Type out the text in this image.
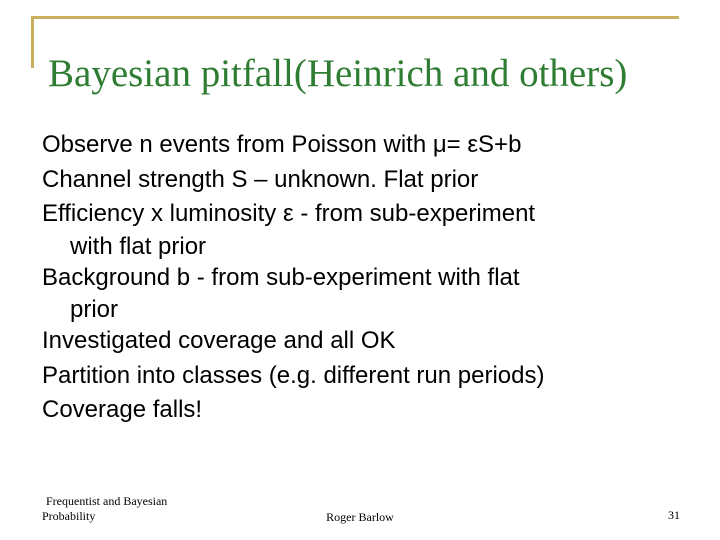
Bayesian pitfall(Heinrich and others)
Observe n events from Poisson with μ= εS+b
Channel strength S – unknown. Flat prior
Efficiency x luminosity ε - from sub-experiment
with flat prior
Background b - from sub-experiment with flat
prior
Investigated coverage and all OK
Partition into classes (e.g. different run periods)
Coverage falls!
Frequentist and Bayesian
Probability	Roger Barlow	31
